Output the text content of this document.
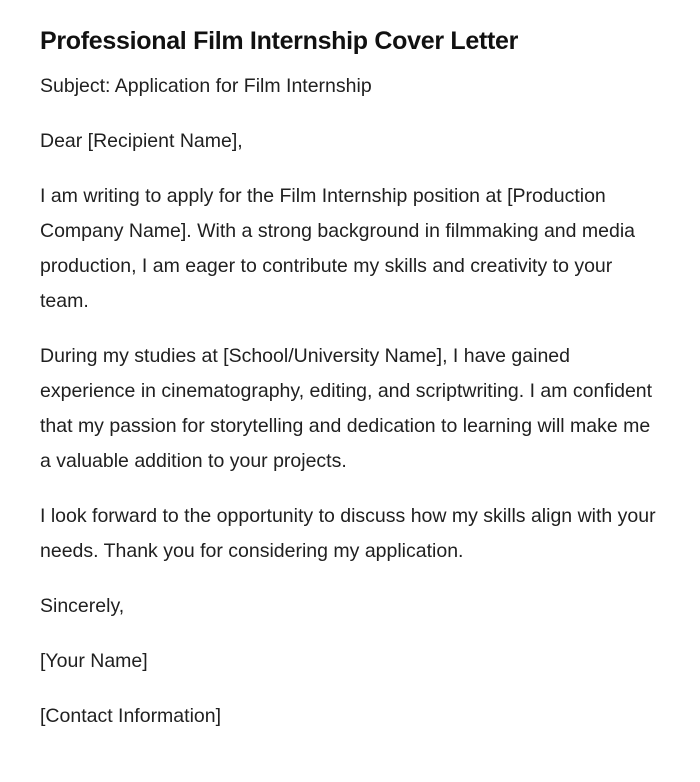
Professional Film Internship Cover Letter

Subject: Application for Film Internship

Dear [Recipient Name],

I am writing to apply for the Film Internship position at [Production Company Name]. With a strong background in filmmaking and media production, I am eager to contribute my skills and creativity to your team.

During my studies at [School/University Name], I have gained experience in cinematography, editing, and scriptwriting. I am confident that my passion for storytelling and dedication to learning will make me a valuable addition to your projects.

I look forward to the opportunity to discuss how my skills align with your needs. Thank you for considering my application.

Sincerely,

[Your Name]

[Contact Information]
